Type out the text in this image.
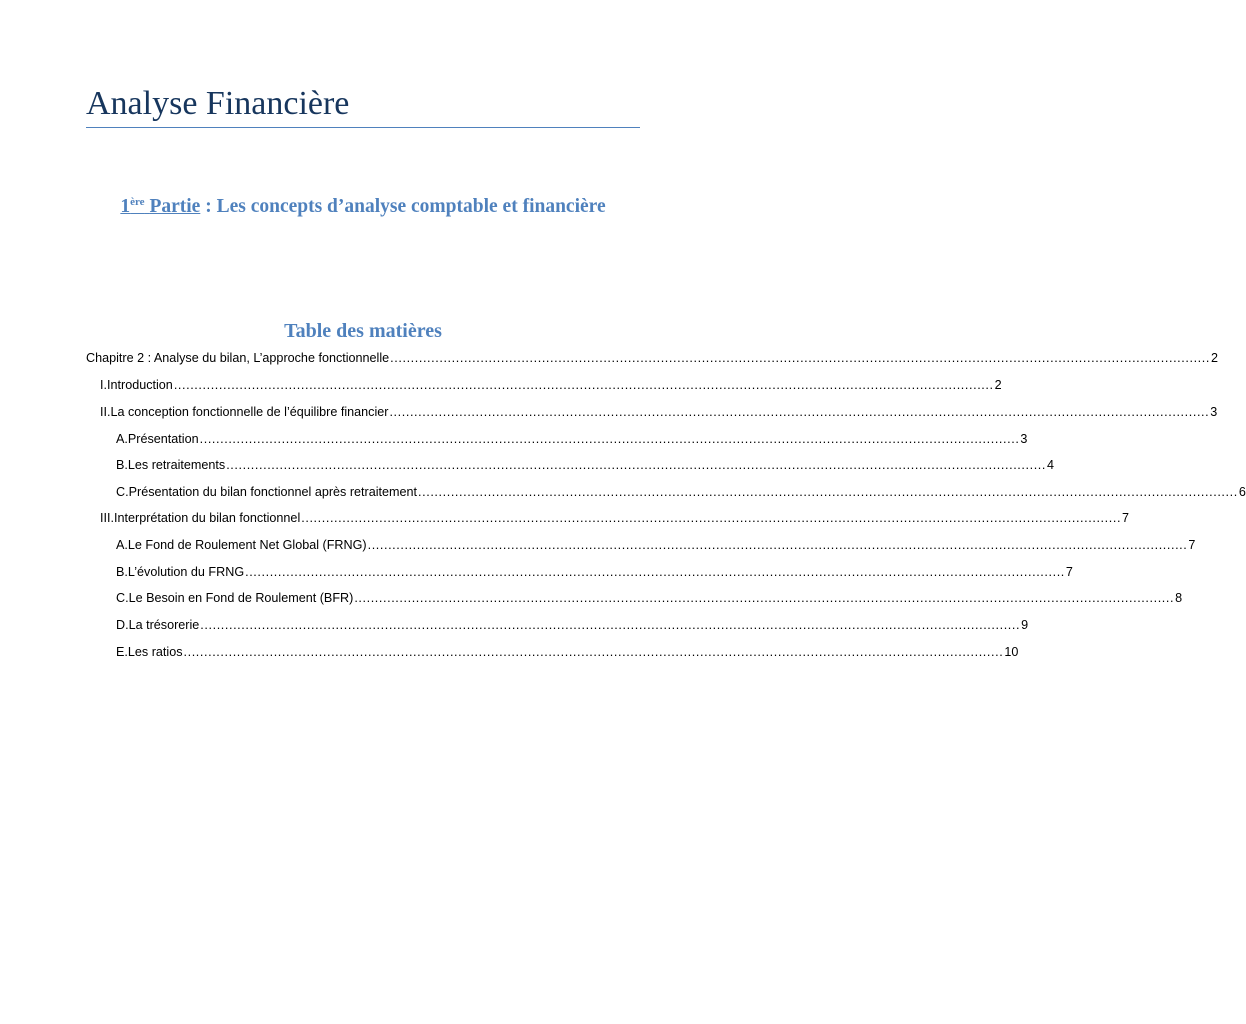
Analyse Financière
1ère Partie : Les concepts d’analyse comptable et financière
Table des matières
Chapitre 2 : Analyse du bilan, L’approche fonctionnelle ........................................................................................................................................................................................................ 2
I. Introduction ........................................................................................................................................................................................................ 2
II. La conception fonctionnelle de l’équilibre financier ........................................................................................................................................................................................................ 3
A. Présentation ........................................................................................................................................................................................................ 3
B. Les retraitements ........................................................................................................................................................................................................ 4
C. Présentation du bilan fonctionnel après retraitement ........................................................................................................................................................................................................ 6
III. Interprétation du bilan fonctionnel ........................................................................................................................................................................................................ 7
A. Le Fond de Roulement Net Global (FRNG) ........................................................................................................................................................................................................ 7
B. L’évolution du FRNG ........................................................................................................................................................................................................ 7
C. Le Besoin en Fond de Roulement (BFR) ........................................................................................................................................................................................................ 8
D. La trésorerie ........................................................................................................................................................................................................ 9
E. Les ratios ........................................................................................................................................................................................................ 10
